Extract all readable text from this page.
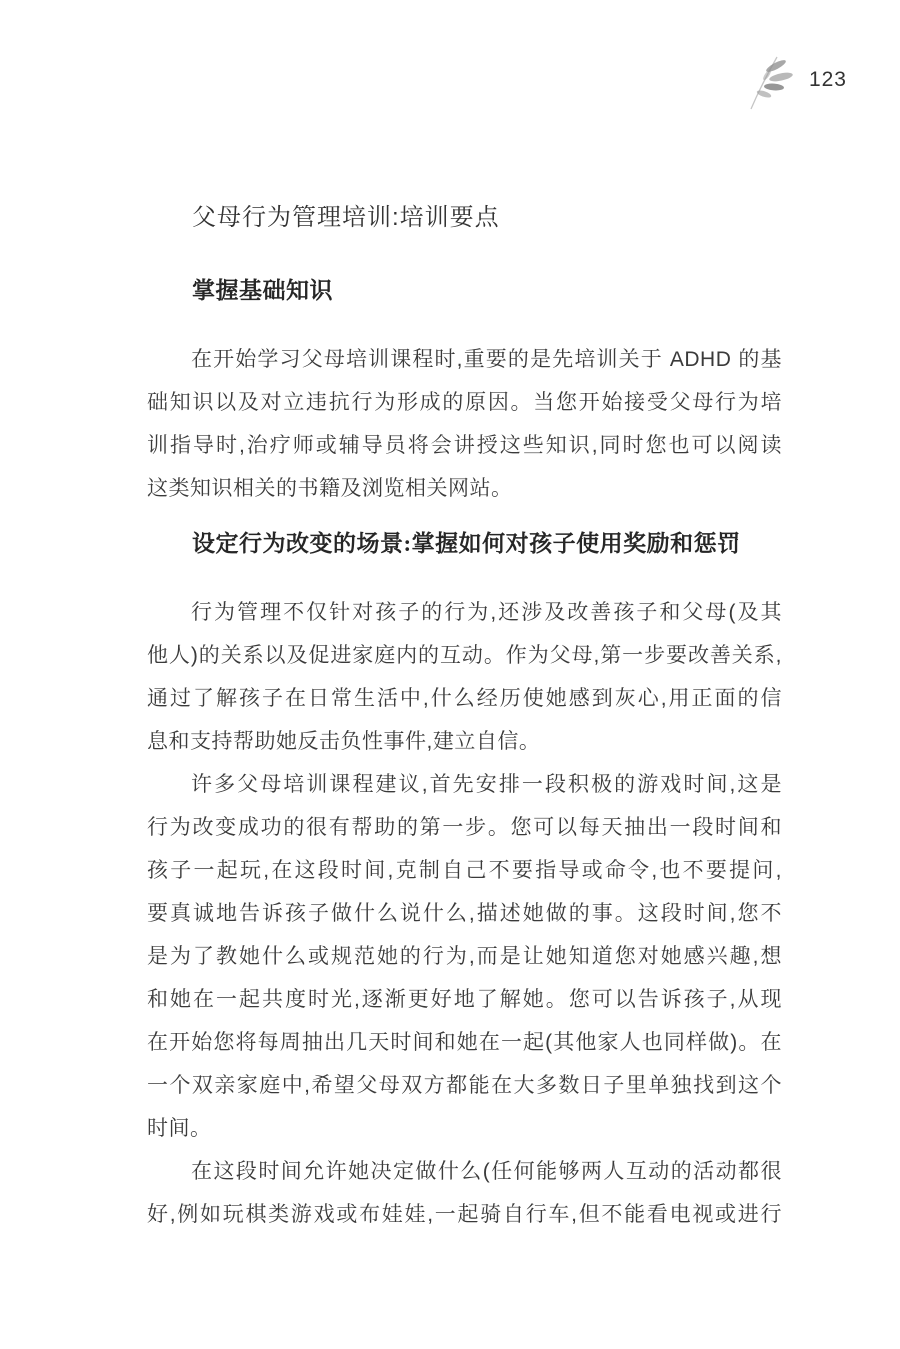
123
父母行为管理培训:培训要点
掌握基础知识
在开始学习父母培训课程时,重要的是先培训关于 ADHD 的基
础知识以及对立违抗行为形成的原因。当您开始接受父母行为培
训指导时,治疗师或辅导员将会讲授这些知识,同时您也可以阅读
这类知识相关的书籍及浏览相关网站。
设定行为改变的场景:掌握如何对孩子使用奖励和惩罚
行为管理不仅针对孩子的行为,还涉及改善孩子和父母(及其
他人)的关系以及促进家庭内的互动。作为父母,第一步要改善关系,
通过了解孩子在日常生活中,什么经历使她感到灰心,用正面的信
息和支持帮助她反击负性事件,建立自信。
许多父母培训课程建议,首先安排一段积极的游戏时间,这是
行为改变成功的很有帮助的第一步。您可以每天抽出一段时间和
孩子一起玩,在这段时间,克制自己不要指导或命令,也不要提问,
要真诚地告诉孩子做什么说什么,描述她做的事。这段时间,您不
是为了教她什么或规范她的行为,而是让她知道您对她感兴趣,想
和她在一起共度时光,逐渐更好地了解她。您可以告诉孩子,从现
在开始您将每周抽出几天时间和她在一起(其他家人也同样做)。在
一个双亲家庭中,希望父母双方都能在大多数日子里单独找到这个
时间。
在这段时间允许她决定做什么(任何能够两人互动的活动都很
好,例如玩棋类游戏或布娃娃,一起骑自行车,但不能看电视或进行
